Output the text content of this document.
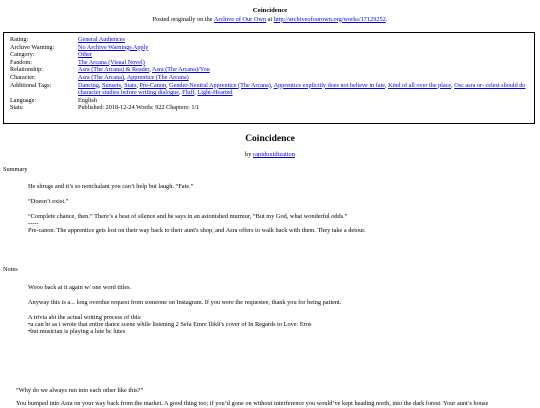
Coincidence
Posted originally on the Archive of Our Own at http://archiveofourown.org/works/17129252.
Rating:	General Audiences
Archive Warning:	No Archive Warnings Apply
Category:	Other
Fandom:	The Arcana (Visual Novel)
Relationship:	Asra (The Arcana) & Reader, Asra (The Arcana)/You
Character:	Asra (The Arcana), Apprentice (The Arcana)
Additional Tags:	Dancing, Sunsets, Stars, Pre-Canon, Gender-Neutral Apprentice (The Arcana), Apprentice explicitly does not believe in fate, Kind of all over the place, Osc asra or- celest should do character studies before writing dialogue, Fluff, Light-Hearted
Language:	English
Stats:	Published: 2018-12-24 Words: 922 Chapters: 1/1
Coincidence
by rapidoxidization
Summary
He shrugs and it’s so nonchalant you can’t help but laugh. “Fate.”
“Doesn’t exist.”
“Complete chance, then.” There’s a beat of silence and he says in an astonished murmur, “But my God, what wonderful odds.”
-----
Pre-canon. The apprentice gets lost on their way back to their aunt's shop, and Asra offers to walk back with them. They take a detour.
Notes
Wooo back at it again w/ one word titles.
Anyway this is a... long overdue request from someone on Instagram. If you were the requestee, thank you for being patient.
A trivia abt the actual writing process of this:
•u can hr as i wrote that entire dance scene while listening 2 Sefa Emre Ilikli's cover of In Regards to Love: Eros
•but musician is playing a lute bc lutes
“Why do we always run into each other like this?”
You bumped into Asra on your way back from the market. A good thing too; if you’d gone on without interference you would’ve kept heading north, into the dark forest. Your aunt’s house
